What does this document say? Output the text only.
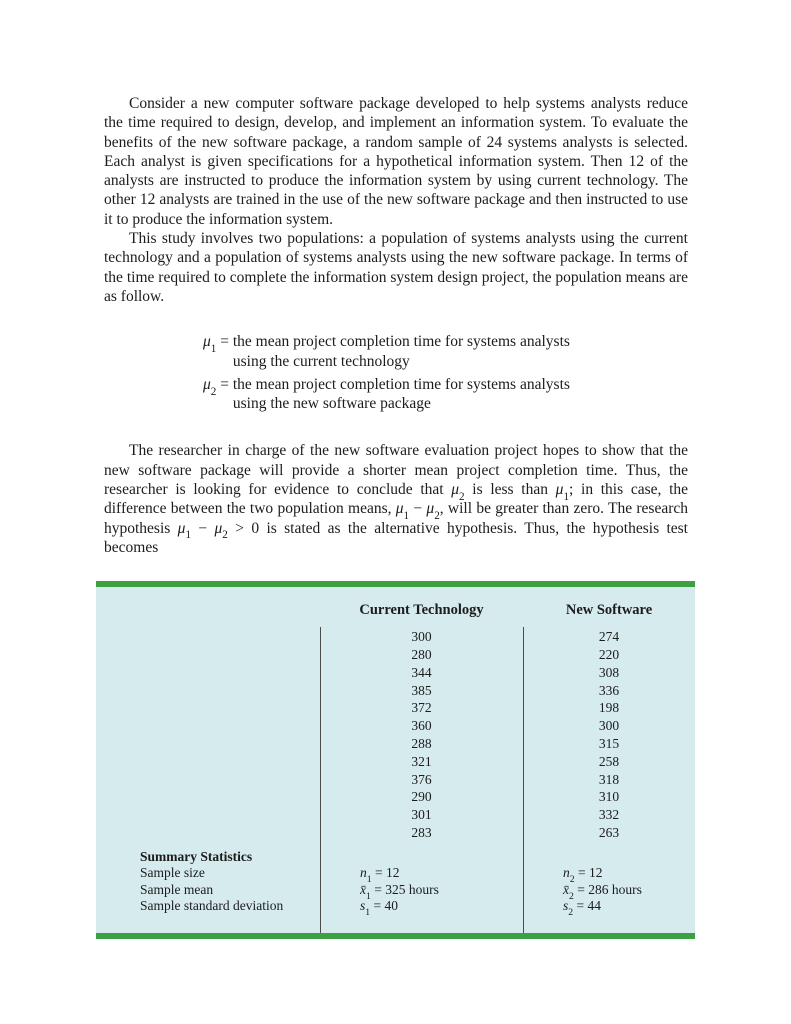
Consider a new computer software package developed to help systems analysts reduce the time required to design, develop, and implement an information system. To evaluate the benefits of the new software package, a random sample of 24 systems analysts is selected. Each analyst is given specifications for a hypothetical information system. Then 12 of the analysts are instructed to produce the information system by using current technology. The other 12 analysts are trained in the use of the new software package and then instructed to use it to produce the information system.

This study involves two populations: a population of systems analysts using the current technology and a population of systems analysts using the new software package. In terms of the time required to complete the information system design project, the population means are as follow.

$\mu_1$ = the mean project completion time for systems analysts
using the current technology
$\mu_2$ = the mean project completion time for systems analysts
using the new software package

The researcher in charge of the new software evaluation project hopes to show that the new software package will provide a shorter mean project completion time. Thus, the researcher is looking for evidence to conclude that $\mu_2$ is less than $\mu_1$; in this case, the difference between the two population means, $\mu_1 - \mu_2$, will be greater than zero. The research hypothesis $\mu_1 - \mu_2 > 0$ is stated as the alternative hypothesis. Thus, the hypothesis test becomes

Current Technology	New Software
300	274
280	220
344	308
385	336
372	198
360	300
288	315
321	258
376	318
290	310
301	332
283	263
Summary Statistics
Sample size	$n_1 = 12$	$n_2 = 12$
Sample mean	$x̄_1 = 325$ hours	$x̄_2 = 286$ hours
Sample standard deviation	$s_1 = 40$	$s_2 = 44$
